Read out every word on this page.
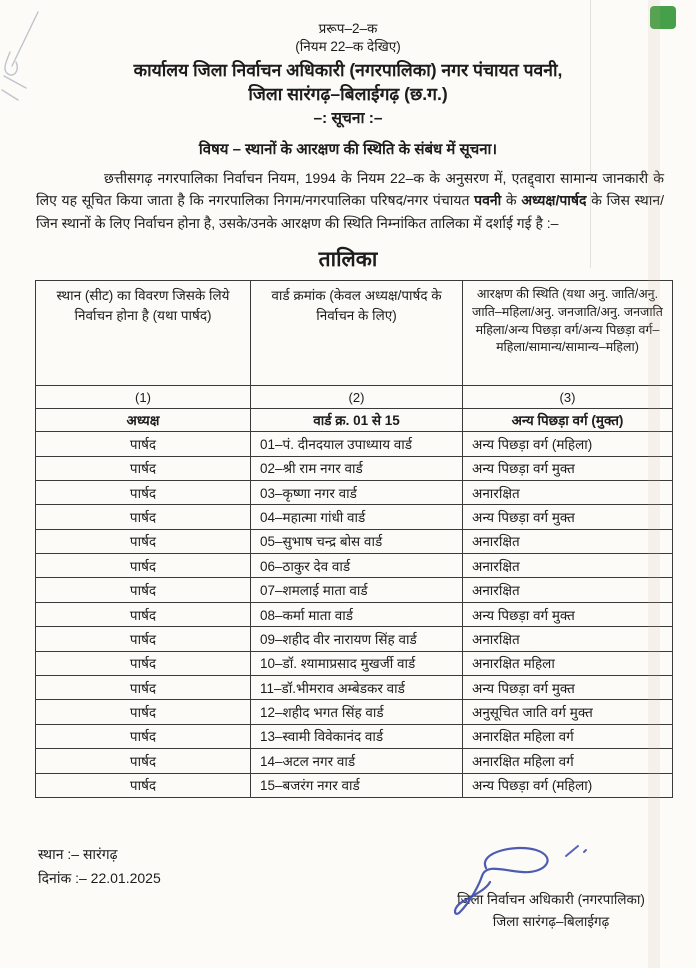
प्ररूप–2–क
(नियम 22–क देखिए)
कार्यालय जिला निर्वाचन अधिकारी (नगरपालिका) नगर पंचायत पवनी,
जिला सारंगढ़–बिलाईगढ़ (छ.ग.)
–: सूचना :–
विषय – स्थानों के आरक्षण की स्थिति के संबंध में सूचना।
छत्तीसगढ़ नगरपालिका निर्वाचन नियम, 1994 के नियम 22–क के अनुसरण में, एतद्द्वारा सामान्य जानकारी के लिए यह सूचित किया जाता है कि नगरपालिका निगम/नगरपालिका परिषद/नगर पंचायत पवनी के अध्यक्ष/पार्षद के जिस स्थान/जिन स्थानों के लिए निर्वाचन होना है, उसके/उनके आरक्षण की स्थिति निम्नांकित तालिका में दर्शाई गई है :–
तालिका
स्थान (सीट) का विवरण जिसके लिये निर्वाचन होना है (यथा पार्षद)	वार्ड क्रमांक (केवल अध्यक्ष/पार्षद के निर्वाचन के लिए)	आरक्षण की स्थिति (यथा अनु. जाति/अनु. जाति–महिला/अनु. जनजाति/अनु. जनजाति महिला/अन्य पिछड़ा वर्ग/अन्य पिछड़ा वर्ग–महिला/सामान्य/सामान्य–महिला)
(1)	(2)	(3)
अध्यक्ष	वार्ड क्र. 01 से 15	अन्य पिछड़ा वर्ग (मुक्त)
पार्षद	01–पं. दीनदयाल उपाध्याय वार्ड	अन्य पिछड़ा वर्ग (महिला)
पार्षद	02–श्री राम नगर वार्ड	अन्य पिछड़ा वर्ग मुक्त
पार्षद	03–कृष्णा नगर वार्ड	अनारक्षित
पार्षद	04–महात्मा गांधी वार्ड	अन्य पिछड़ा वर्ग मुक्त
पार्षद	05–सुभाष चन्द्र बोस वार्ड	अनारक्षित
पार्षद	06–ठाकुर देव वार्ड	अनारक्षित
पार्षद	07–शमलाई माता वार्ड	अनारक्षित
पार्षद	08–कर्मा माता वार्ड	अन्य पिछड़ा वर्ग मुक्त
पार्षद	09–शहीद वीर नारायण सिंह वार्ड	अनारक्षित
पार्षद	10–डॉ. श्यामाप्रसाद मुखर्जी वार्ड	अनारक्षित महिला
पार्षद	11–डॉ.भीमराव अम्बेडकर वार्ड	अन्य पिछड़ा वर्ग मुक्त
पार्षद	12–शहीद भगत सिंह वार्ड	अनुसूचित जाति वर्ग मुक्त
पार्षद	13–स्वामी विवेकानंद वार्ड	अनारक्षित महिला वर्ग
पार्षद	14–अटल नगर वार्ड	अनारक्षित महिला वर्ग
पार्षद	15–बजरंग नगर वार्ड	अन्य पिछड़ा वर्ग (महिला)
स्थान :– सारंगढ़
दिनांक :– 22.01.2025
जिला निर्वाचन अधिकारी (नगरपालिका)
जिला सारंगढ़–बिलाईगढ़
